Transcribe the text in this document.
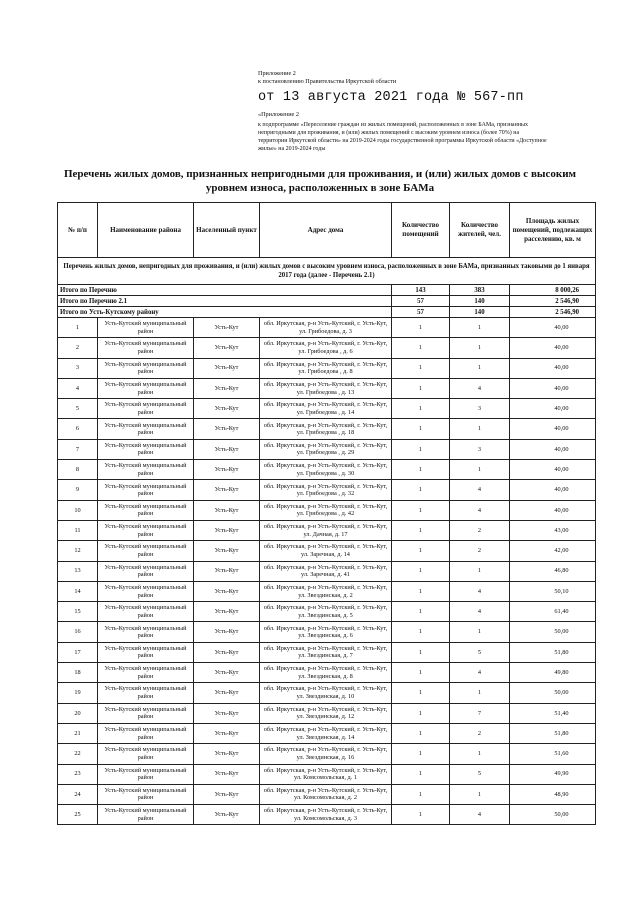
Приложение 2
к постановлению Правительства Иркутской области
от 13 августа 2021 года № 567-пп
«Приложение 2
к подпрограмме «Переселение граждан из жилых помещений, расположенных в зоне БАМа, признанных
непригодными для проживания, и (или) жилых помещений с высоким уровнем износа (более 70%) на
территории Иркутской области» на 2019-2024 годы государственной программы Иркутской области «Доступное
жилье» на 2019-2024 годы
Перечень жилых домов, признанных непригодными для проживания, и (или) жилых домов с высоким уровнем износа, расположенных в зоне БАМа
№ п/п	Наименование района	Населенный пункт	Адрес дома	Количество помещений	Количество жителей, чел.	Площадь жилых помещений, подлежащих расселению, кв. м
Перечень жилых домов, непригодных для проживания, и (или) жилых домов с высоким уровнем износа, расположенных в зоне БАМа, признанных таковыми до 1 января 2017 года (далее - Перечень 2.1)						
Итого по Перечню				143	383	8 000,26
Итого по Перечню 2.1				57	140	2 546,90
Итого по Усть-Кутскому району				57	140	2 546,90
1	Усть-Кутский муниципальный район	Усть-Кут	обл. Иркутская, р-н Усть-Кутский, г. Усть-Кут, ул. Грибоедова, д. 3	1	1	40,00
2	Усть-Кутский муниципальный район	Усть-Кут	обл. Иркутская, р-н Усть-Кутский, г. Усть-Кут, ул. Грибоедова , д. 6	1	1	40,00
3	Усть-Кутский муниципальный район	Усть-Кут	обл. Иркутская, р-н Усть-Кутский, г. Усть-Кут, ул. Грибоедова , д. 8	1	1	40,00
4	Усть-Кутский муниципальный район	Усть-Кут	обл. Иркутская, р-н Усть-Кутский, г. Усть-Кут, ул. Грибоедова , д. 13	1	4	40,00
5	Усть-Кутский муниципальный район	Усть-Кут	обл. Иркутская, р-н Усть-Кутский, г. Усть-Кут, ул. Грибоедова , д. 14	1	3	40,00
6	Усть-Кутский муниципальный район	Усть-Кут	обл. Иркутская, р-н Усть-Кутский, г. Усть-Кут, ул. Грибоедова , д. 18	1	1	40,00
7	Усть-Кутский муниципальный район	Усть-Кут	обл. Иркутская, р-н Усть-Кутский, г. Усть-Кут, ул. Грибоедова , д. 29	1	3	40,00
8	Усть-Кутский муниципальный район	Усть-Кут	обл. Иркутская, р-н Усть-Кутский, г. Усть-Кут, ул. Грибоедова , д. 30	1	1	40,00
9	Усть-Кутский муниципальный район	Усть-Кут	обл. Иркутская, р-н Усть-Кутский, г. Усть-Кут, ул. Грибоедова , д. 32	1	4	40,00
10	Усть-Кутский муниципальный район	Усть-Кут	обл. Иркутская, р-н Усть-Кутский, г. Усть-Кут, ул. Грибоедова , д. 42	1	4	40,00
11	Усть-Кутский муниципальный район	Усть-Кут	обл. Иркутская, р-н Усть-Кутский, г. Усть-Кут, ул. Дачная, д. 17	1	2	43,00
12	Усть-Кутский муниципальный район	Усть-Кут	обл. Иркутская, р-н Усть-Кутский, г. Усть-Кут, ул. Заречная, д. 14	1	2	42,00
13	Усть-Кутский муниципальный район	Усть-Кут	обл. Иркутская, р-н Усть-Кутский, г. Усть-Кут, ул. Заречная, д. 41	1	1	46,80
14	Усть-Кутский муниципальный район	Усть-Кут	обл. Иркутская, р-н Усть-Кутский, г. Усть-Кут, ул. Звездинская, д. 2	1	4	50,10
15	Усть-Кутский муниципальный район	Усть-Кут	обл. Иркутская, р-н Усть-Кутский, г. Усть-Кут, ул. Звездинская, д. 5	1	4	61,40
16	Усть-Кутский муниципальный район	Усть-Кут	обл. Иркутская, р-н Усть-Кутский, г. Усть-Кут, ул. Звездинская, д. 6	1	1	50,00
17	Усть-Кутский муниципальный район	Усть-Кут	обл. Иркутская, р-н Усть-Кутский, г. Усть-Кут, ул. Звездинская, д. 7	1	5	51,80
18	Усть-Кутский муниципальный район	Усть-Кут	обл. Иркутская, р-н Усть-Кутский, г. Усть-Кут, ул. Звездинская, д. 8	1	4	49,80
19	Усть-Кутский муниципальный район	Усть-Кут	обл. Иркутская, р-н Усть-Кутский, г. Усть-Кут, ул. Звездинская, д. 10	1	1	50,00
20	Усть-Кутский муниципальный район	Усть-Кут	обл. Иркутская, р-н Усть-Кутский, г. Усть-Кут, ул. Звездинская, д. 12	1	7	51,40
21	Усть-Кутский муниципальный район	Усть-Кут	обл. Иркутская, р-н Усть-Кутский, г. Усть-Кут, ул. Звездинская, д. 14	1	2	51,80
22	Усть-Кутский муниципальный район	Усть-Кут	обл. Иркутская, р-н Усть-Кутский, г. Усть-Кут, ул. Звездинская, д. 16	1	1	51,60
23	Усть-Кутский муниципальный район	Усть-Кут	обл. Иркутская, р-н Усть-Кутский, г. Усть-Кут, ул. Комсомольская, д. 1	1	5	49,90
24	Усть-Кутский муниципальный район	Усть-Кут	обл. Иркутская, р-н Усть-Кутский, г. Усть-Кут, ул. Комсомольская, д. 2	1	1	48,90
25	Усть-Кутский муниципальный район	Усть-Кут	обл. Иркутская, р-н Усть-Кутский, г. Усть-Кут, ул. Комсомольская, д. 3	1	4	50,00
